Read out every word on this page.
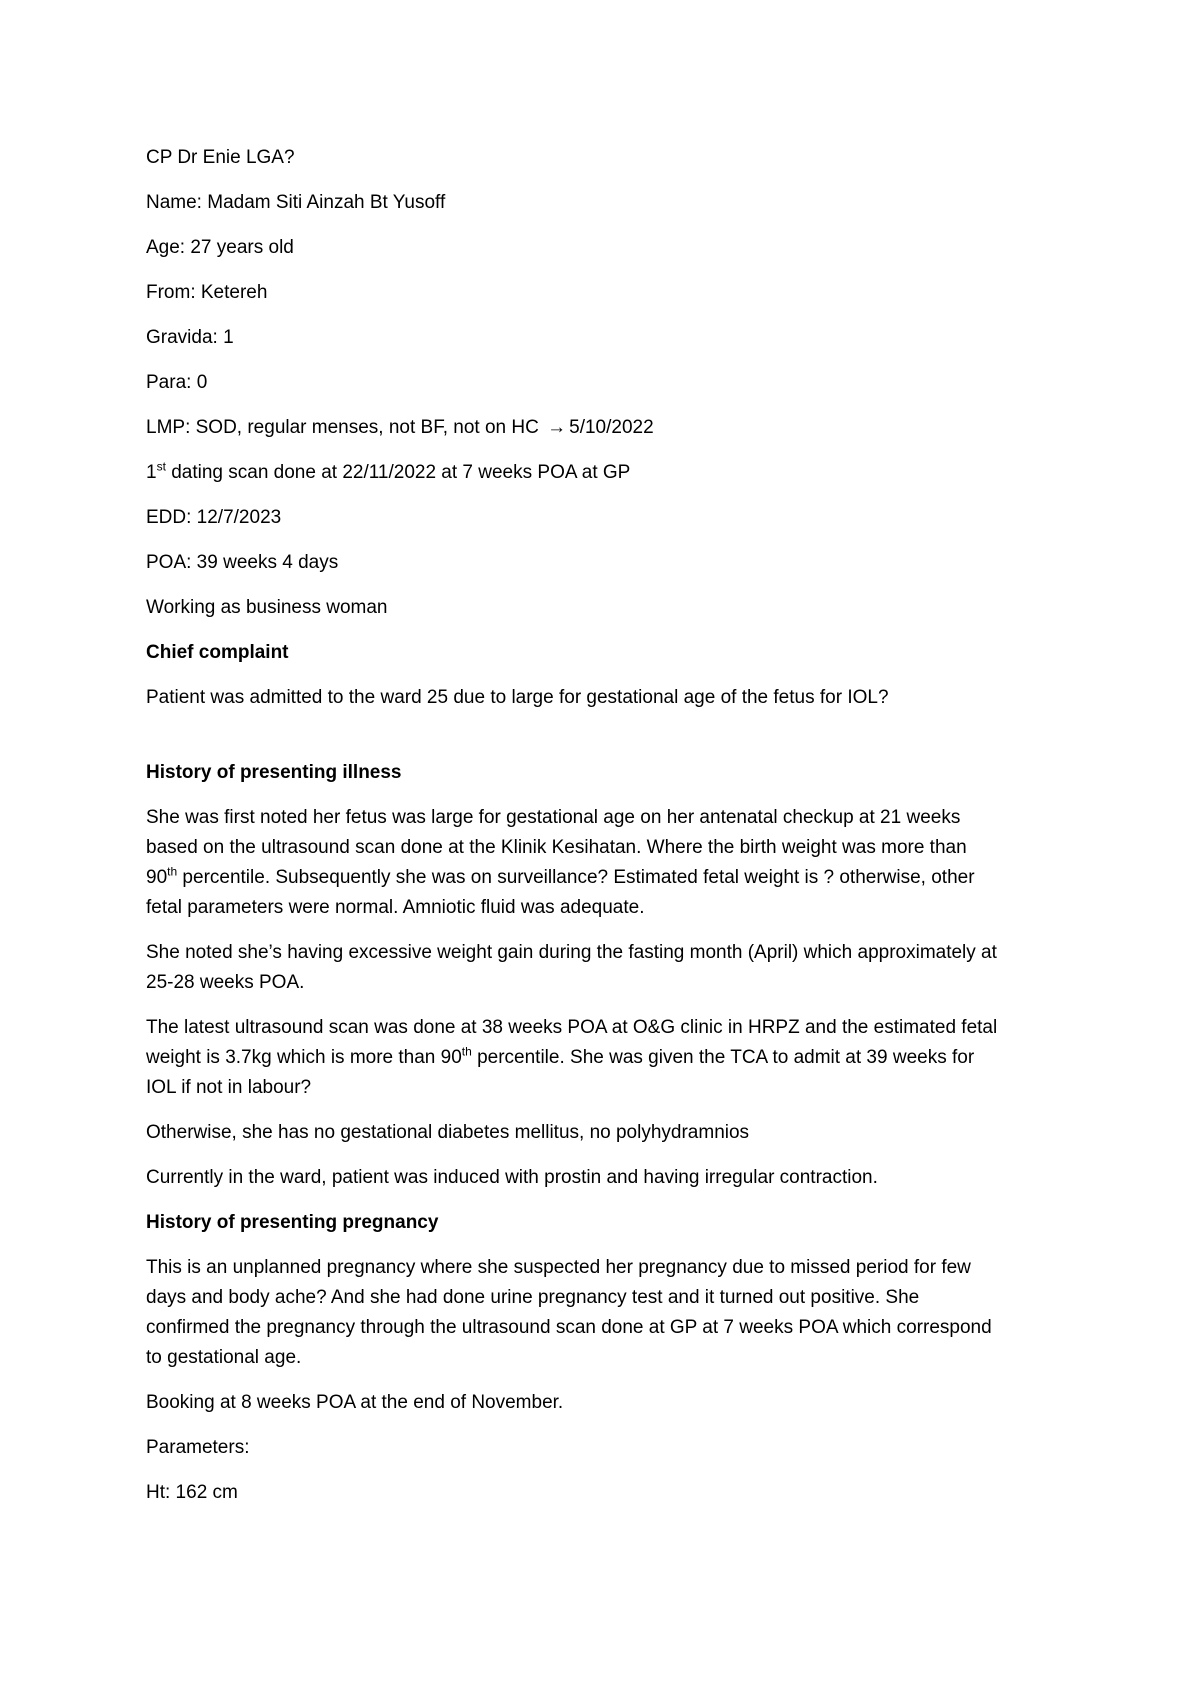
CP Dr Enie LGA?

Name: Madam Siti Ainzah Bt Yusoff

Age: 27 years old

From: Ketereh

Gravida: 1

Para: 0

LMP: SOD, regular menses, not BF, not on HC → 5/10/2022

1st dating scan done at 22/11/2022 at 7 weeks POA at GP

EDD: 12/7/2023

POA: 39 weeks 4 days

Working as business woman

Chief complaint

Patient was admitted to the ward 25 due to large for gestational age of the fetus for IOL?

History of presenting illness

She was first noted her fetus was large for gestational age on her antenatal checkup at 21 weeks

based on the ultrasound scan done at the Klinik Kesihatan. Where the birth weight was more than

90th percentile. Subsequently she was on surveillance? Estimated fetal weight is ? otherwise, other

fetal parameters were normal. Amniotic fluid was adequate.

She noted she’s having excessive weight gain during the fasting month (April) which approximately at

25-28 weeks POA.

The latest ultrasound scan was done at 38 weeks POA at O&G clinic in HRPZ and the estimated fetal

weight is 3.7kg which is more than 90th percentile. She was given the TCA to admit at 39 weeks for

IOL if not in labour?

Otherwise, she has no gestational diabetes mellitus, no polyhydramnios

Currently in the ward, patient was induced with prostin and having irregular contraction.

History of presenting pregnancy

This is an unplanned pregnancy where she suspected her pregnancy due to missed period for few

days and body ache? And she had done urine pregnancy test and it turned out positive. She

confirmed the pregnancy through the ultrasound scan done at GP at 7 weeks POA which correspond

to gestational age.

Booking at 8 weeks POA at the end of November.

Parameters:

Ht: 162 cm
